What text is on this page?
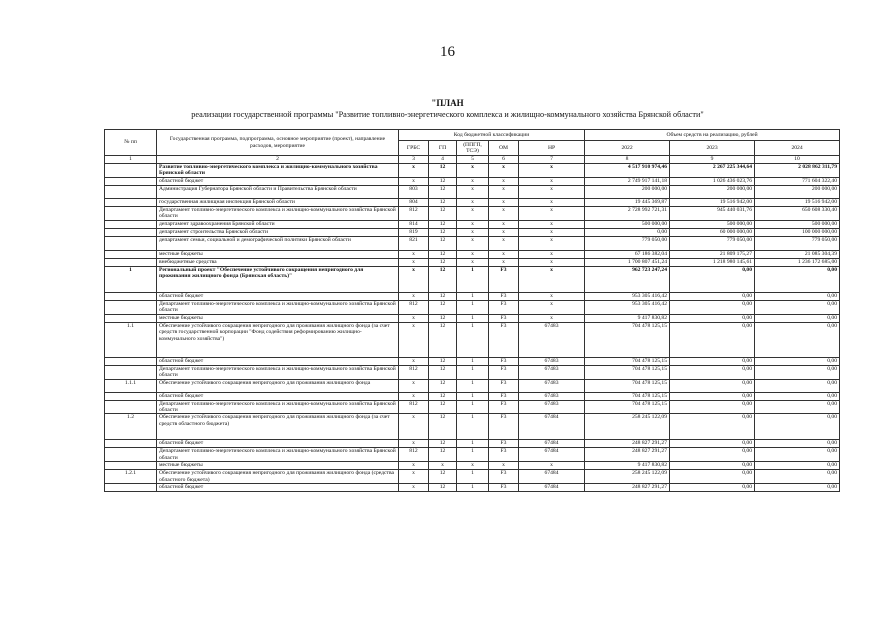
16
"ПЛАН
реализации государственной программы "Развитие топливно-энергетического комплекса и жилищно-коммунального хозяйства Брянской области"
№ пп	Государственная программа, подпрограмма, основное мероприятие (проект), направление расходов, мероприятие	Код бюджетной классификации					Объем средств на реализацию, рублей		
		ГРБС	ГП	(ППГП, ТСЭ)	ОМ	НР	2022	2023	2024
1	2	3	4	5	6	7	8	9	10
	Развитие топливно-энергетического комплекса и жилищно-коммунального хозяйства Брянской области	х	12	х	х	х	4 517 910 974,46	2 267 225 344,64	2 028 862 311,79
	областной бюджет	х	12	х	х	х	2 749 917 141,18	1 026 436 023,76	771 604 322,40
	Администрация Губернатора Брянской области и Правительства Брянской области	803	12	х	х	х	200 000,00	200 000,00	200 000,00
	государственная жилищная инспекция Брянской области	804	12	х	х	х	19 445 369,87	19 516 942,00	19 516 942,00
	Департамент топливно-энергетического комплекса и жилищно-коммунального хозяйства Брянской области	812	12	х	х	х	2 728 992 721,31	945 440 031,76	650 608 330,40
	департамент здравоохранения Брянской области	814	12	х	х	х	500 000,00	500 000,00	500 000,00
	департамент строительства Брянской области	819	12	х	х	х	0,00	60 000 000,00	100 000 000,00
	департамент семьи, социальной и демографической политики Брянской области	821	12	х	х	х	779 050,00	779 050,00	779 050,00
	местные бюджеты	х	12	х	х	х	67 186 382,04	21 809 175,27	21 085 304,39
	внебюджетные средства	х	12	х	х	х	1 700 807 451,24	1 218 980 145,61	1 236 172 685,00
1	Региональный проект "Обеспечение устойчивого сокращения непригодного для проживания жилищного фонда (Брянская область)"	х	12	1	F3	х	962 723 247,24	0,00	0,00
	областной бюджет	х	12	1	F3	х	953 305 416,42	0,00	0,00
	Департамент топливно-энергетического комплекса и жилищно-коммунального хозяйства Брянской области	812	12	1	F3	х	953 305 416,42	0,00	0,00
	местные бюджеты	х	12	1	F3	х	9 417 830,82	0,00	0,00
1.1	Обеспечение устойчивого сокращения непригодного для проживания жилищного фонда (за счет средств государственной корпорации "Фонд содействия реформированию жилищно-коммунального хозяйства")	х	12	1	F3	67483	704 478 125,15	0,00	0,00
	областной бюджет	х	12	1	F3	67483	704 478 125,15	0,00	0,00
	Департамент топливно-энергетического комплекса и жилищно-коммунального хозяйства Брянской области	812	12	1	F3	67483	704 478 125,15	0,00	0,00
1.1.1	Обеспечение устойчивого сокращения непригодного для проживания жилищного фонда	х	12	1	F3	67483	704 478 125,15	0,00	0,00
	областной бюджет	х	12	1	F3	67483	704 478 125,15	0,00	0,00
	Департамент топливно-энергетического комплекса и жилищно-коммунального хозяйства Брянской области	812	12	1	F3	67483	704 478 125,15	0,00	0,00
1.2	Обеспечение устойчивого сокращения непригодного для проживания жилищного фонда (за счет средств областного бюджета)	х	12	1	F3	67484	258 245 122,09	0,00	0,00
	областной бюджет	х	12	1	F3	67484	248 827 291,27	0,00	0,00
	Департамент топливно-энергетического комплекса и жилищно-коммунального хозяйства Брянской области	812	12	1	F3	67484	248 827 291,27	0,00	0,00
	местные бюджеты	х	х	х	х	х	9 417 830,82	0,00	0,00
1.2.1	Обеспечение устойчивого сокращения непригодного для проживания жилищного фонда (средства областного бюджета)	х	12	1	F3	67484	258 245 122,09	0,00	0,00
	областной бюджет	х	12	1	F3	67484	248 827 291,27	0,00	0,00
